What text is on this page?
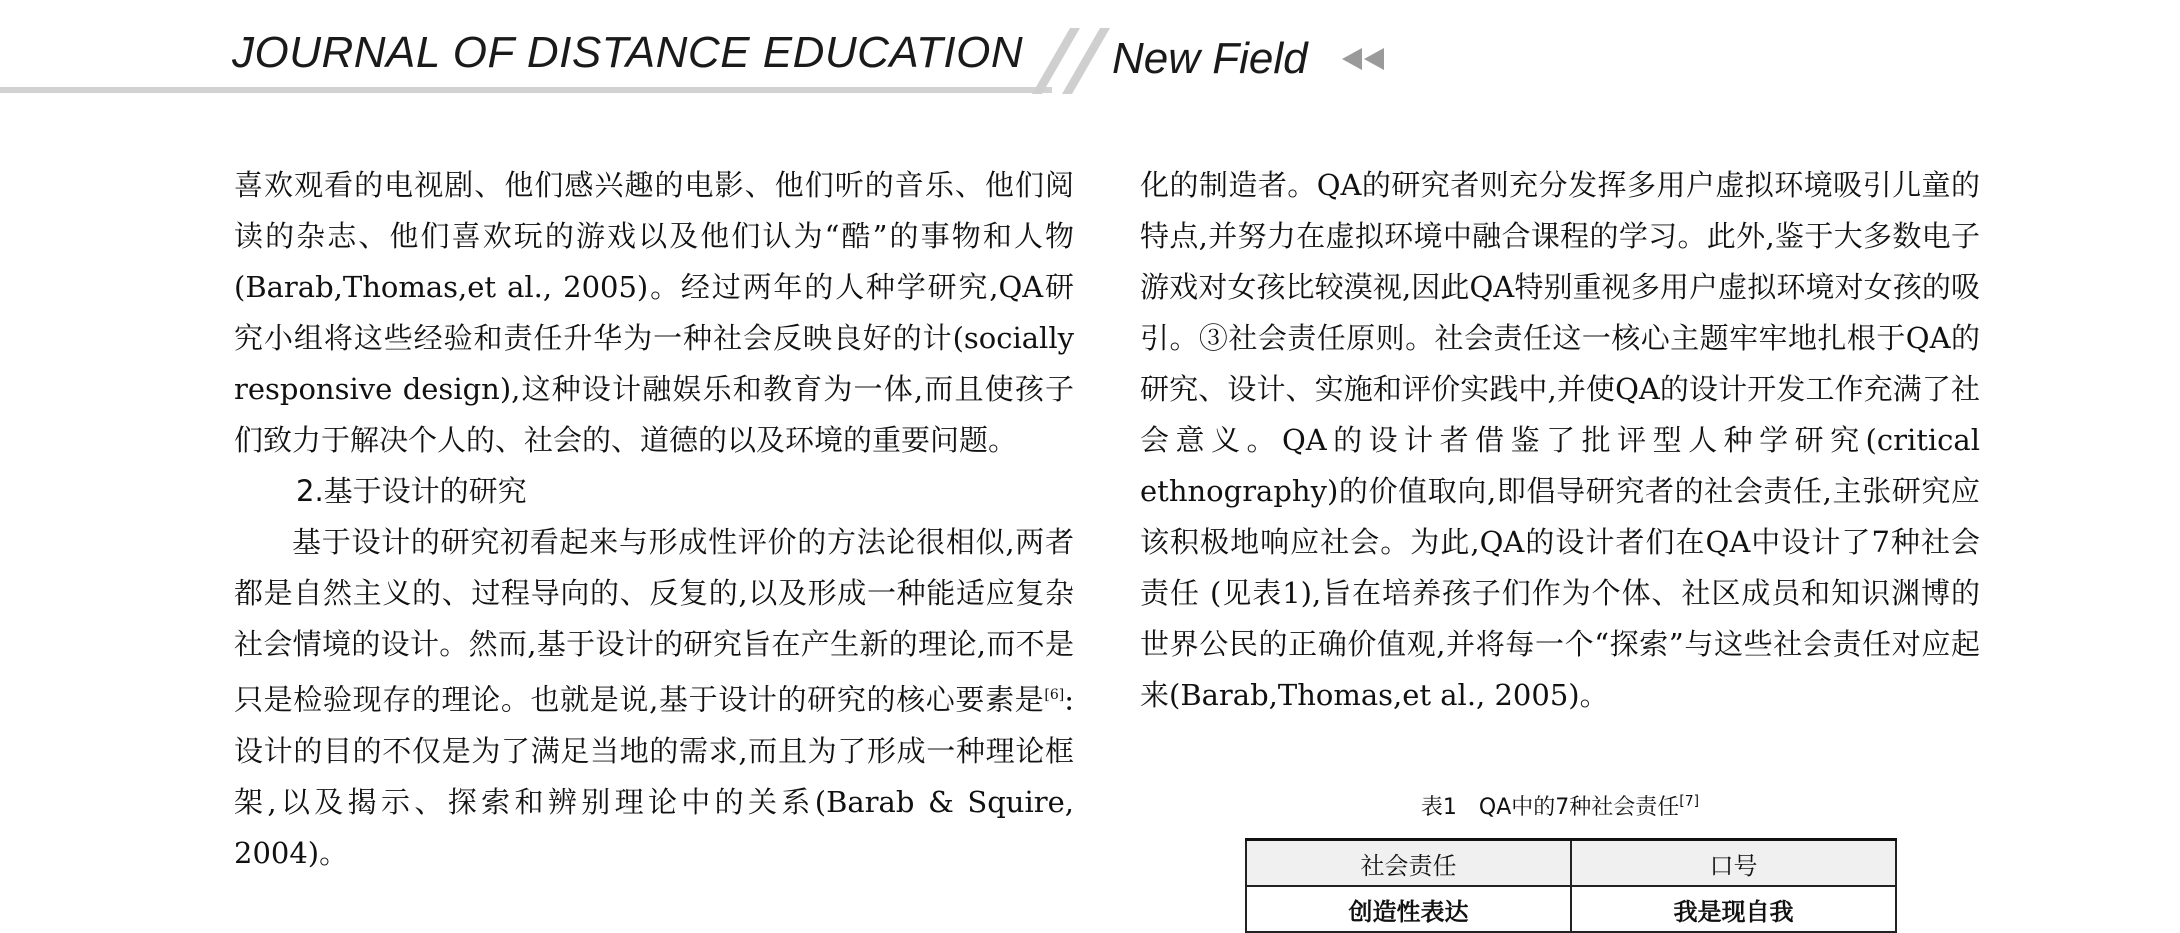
JOURNAL OF DISTANCE EDUCATION New Field

喜欢观看的电视剧、他们感兴趣的电影、他们听的音乐、他们阅读的杂志、他们喜欢玩的游戏以及他们认为“酷”的事物和人物(Barab,Thomas,et al., 2005)。经过两年的人种学研究,QA研究小组将这些经验和责任升华为一种社会反映良好的计(socially responsive design),这种设计融娱乐和教育为一体,而且使孩子们致力于解决个人的、社会的、道德的以及环境的重要问题。

2.基于设计的研究

基于设计的研究初看起来与形成性评价的方法论很相似,两者都是自然主义的、过程导向的、反复的,以及形成一种能适应复杂社会情境的设计。然而,基于设计的研究旨在产生新的理论,而不是只是检验现存的理论。也就是说,基于设计的研究的核心要素是[6]:设计的目的不仅是为了满足当地的需求,而且为了形成一种理论框架,以及揭示、探索和辨别理论中的关系(Barab & Squire, 2004)。

化的制造者。QA的研究者则充分发挥多用户虚拟环境吸引儿童的特点,并努力在虚拟环境中融合课程的学习。此外,鉴于大多数电子游戏对女孩比较漠视,因此QA特别重视多用户虚拟环境对女孩的吸引。③社会责任原则。社会责任这一核心主题牢牢地扎根于QA的研究、设计、实施和评价实践中,并使QA的设计开发工作充满了社会意义。QA的设计者借鉴了批评型人种学研究(critical ethnography)的价值取向,即倡导研究者的社会责任,主张研究应该积极地响应社会。为此,QA的设计者们在QA中设计了7种社会责任 (见表1),旨在培养孩子们作为个体、社区成员和知识渊博的世界公民的正确价值观,并将每一个“探索”与这些社会责任对应起来(Barab,Thomas,et al., 2005)。

表1　QA中的7种社会责任[7]
社会责任	口号
创造性表达	我是现自我
